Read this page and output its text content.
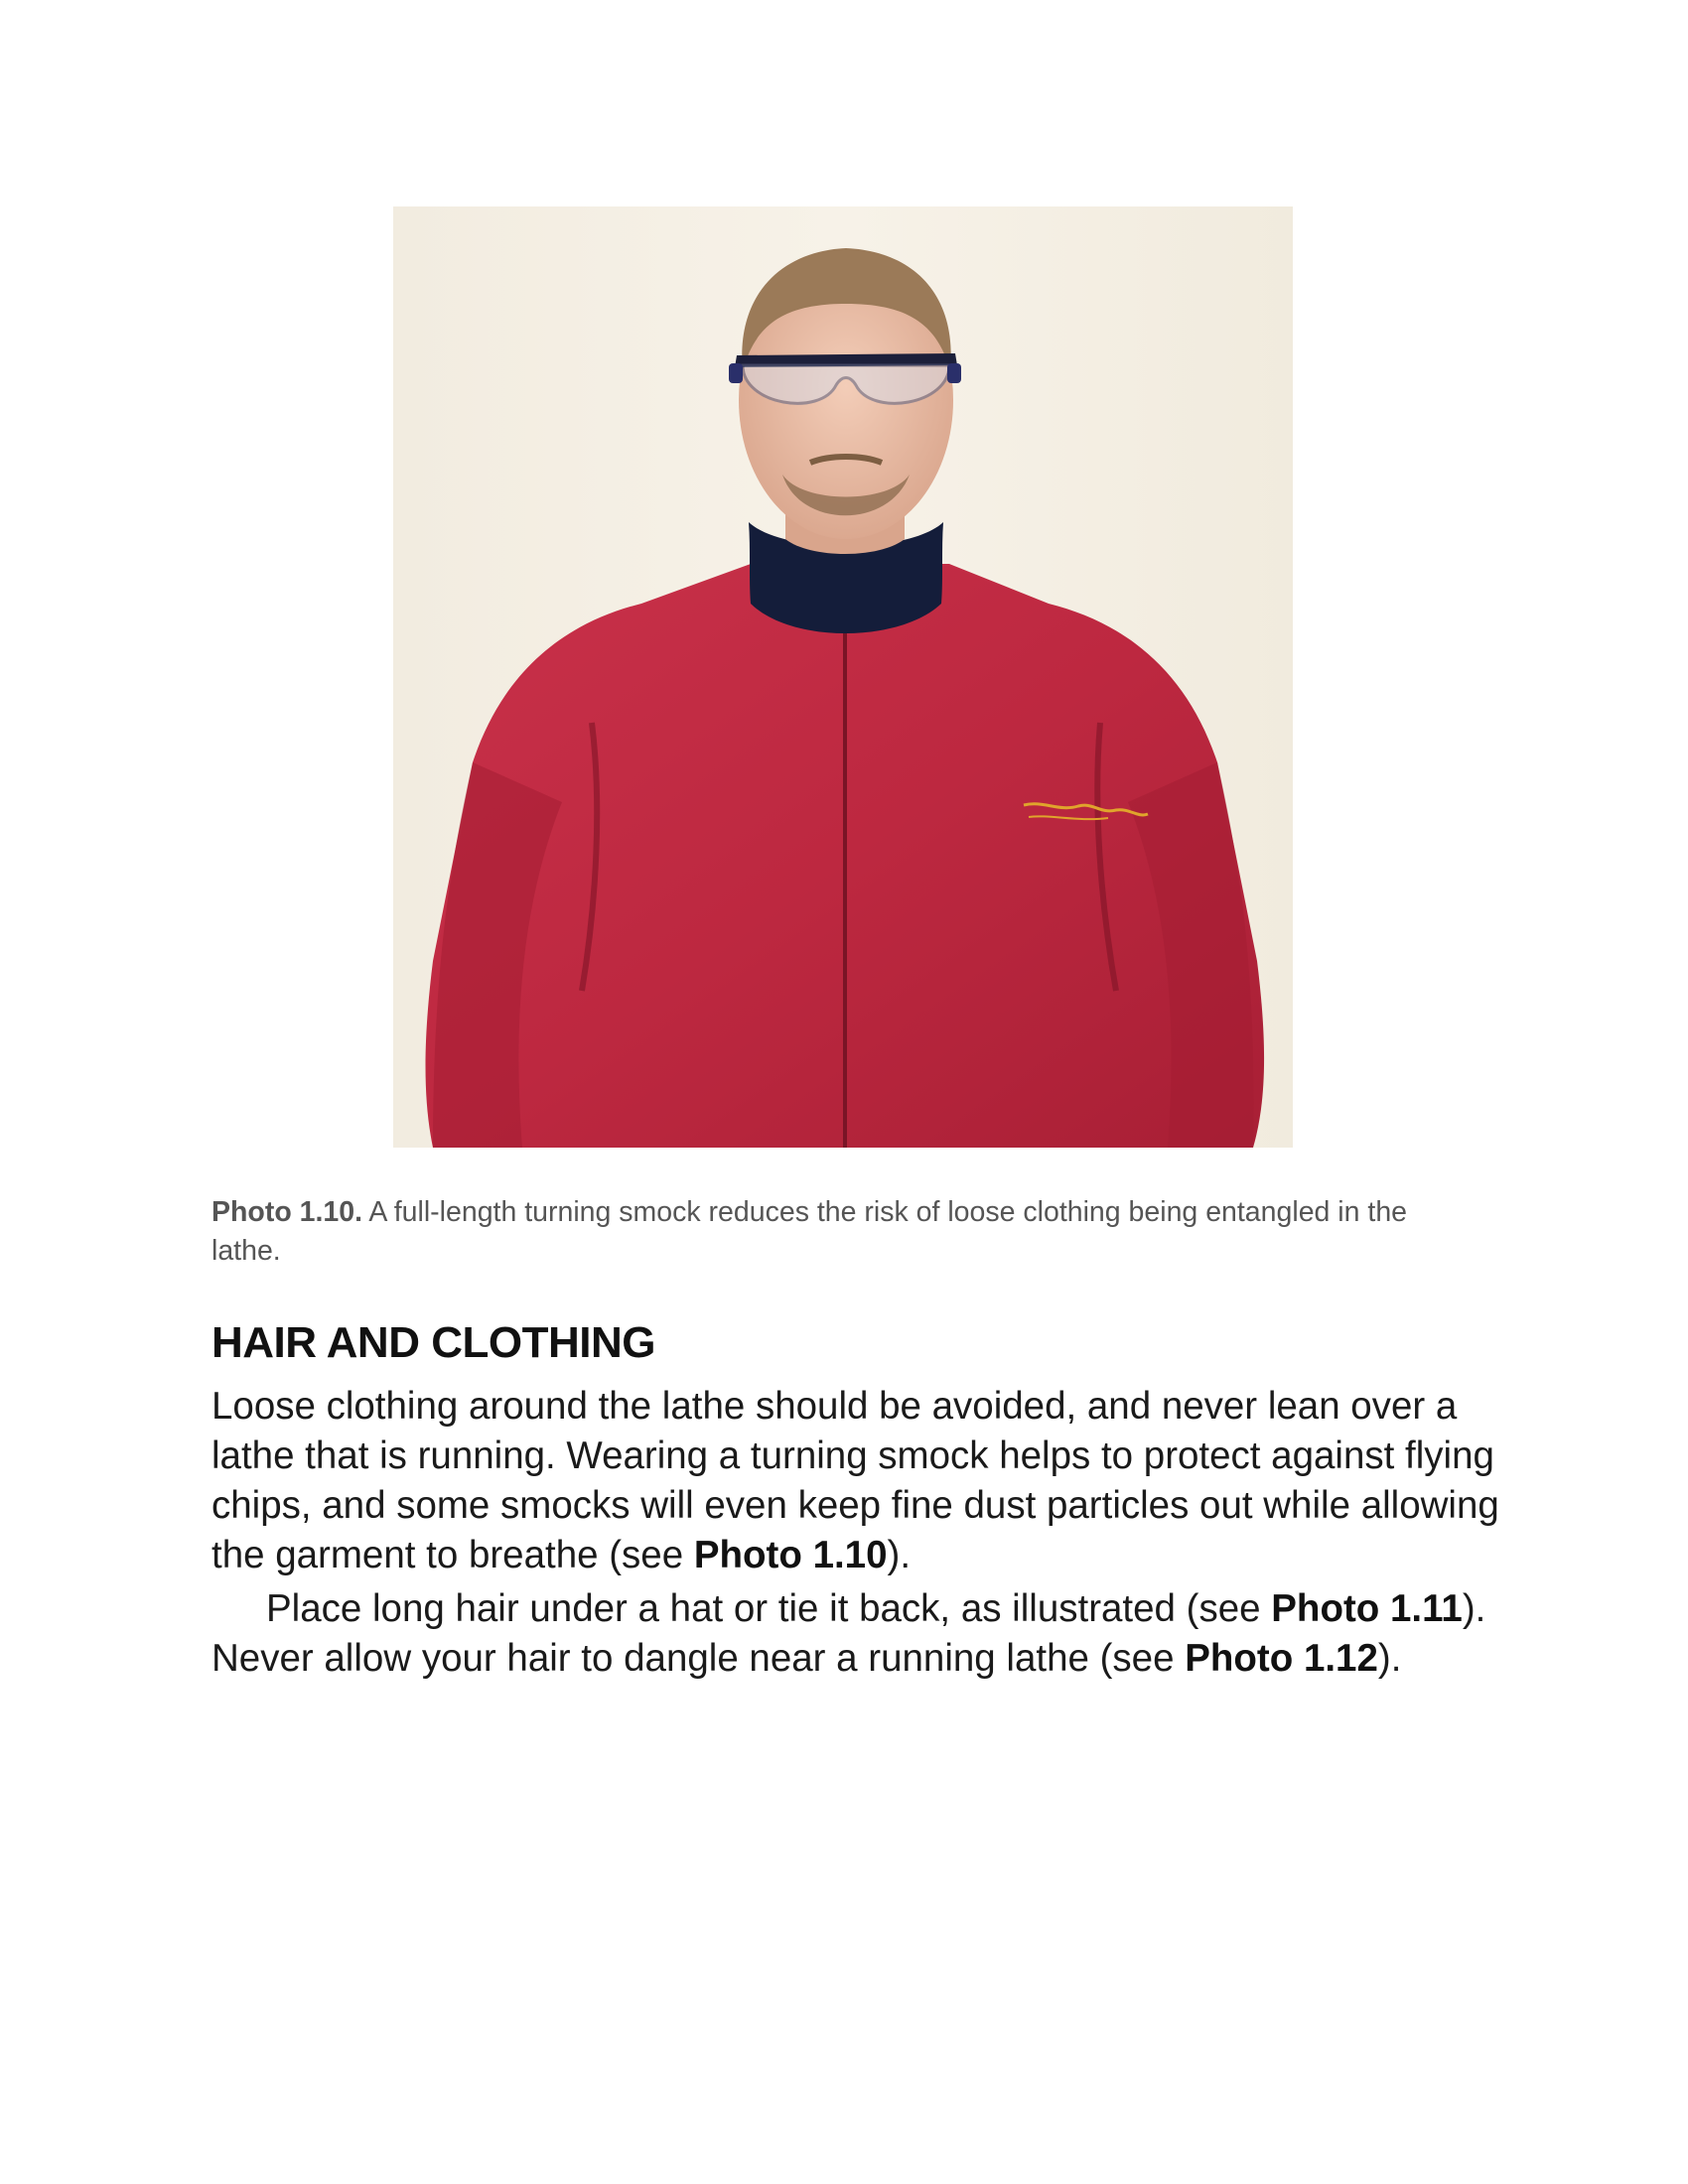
Photo 1.10. A full-length turning smock reduces the risk of loose clothing being entangled in the lathe.
HAIR AND CLOTHING

Loose clothing around the lathe should be avoided, and never lean over a lathe that is running. Wearing a turning smock helps to protect against flying chips, and some smocks will even keep fine dust particles out while allowing the garment to breathe (see Photo 1.10).

Place long hair under a hat or tie it back, as illustrated (see Photo 1.11). Never allow your hair to dangle near a running lathe (see Photo 1.12).
